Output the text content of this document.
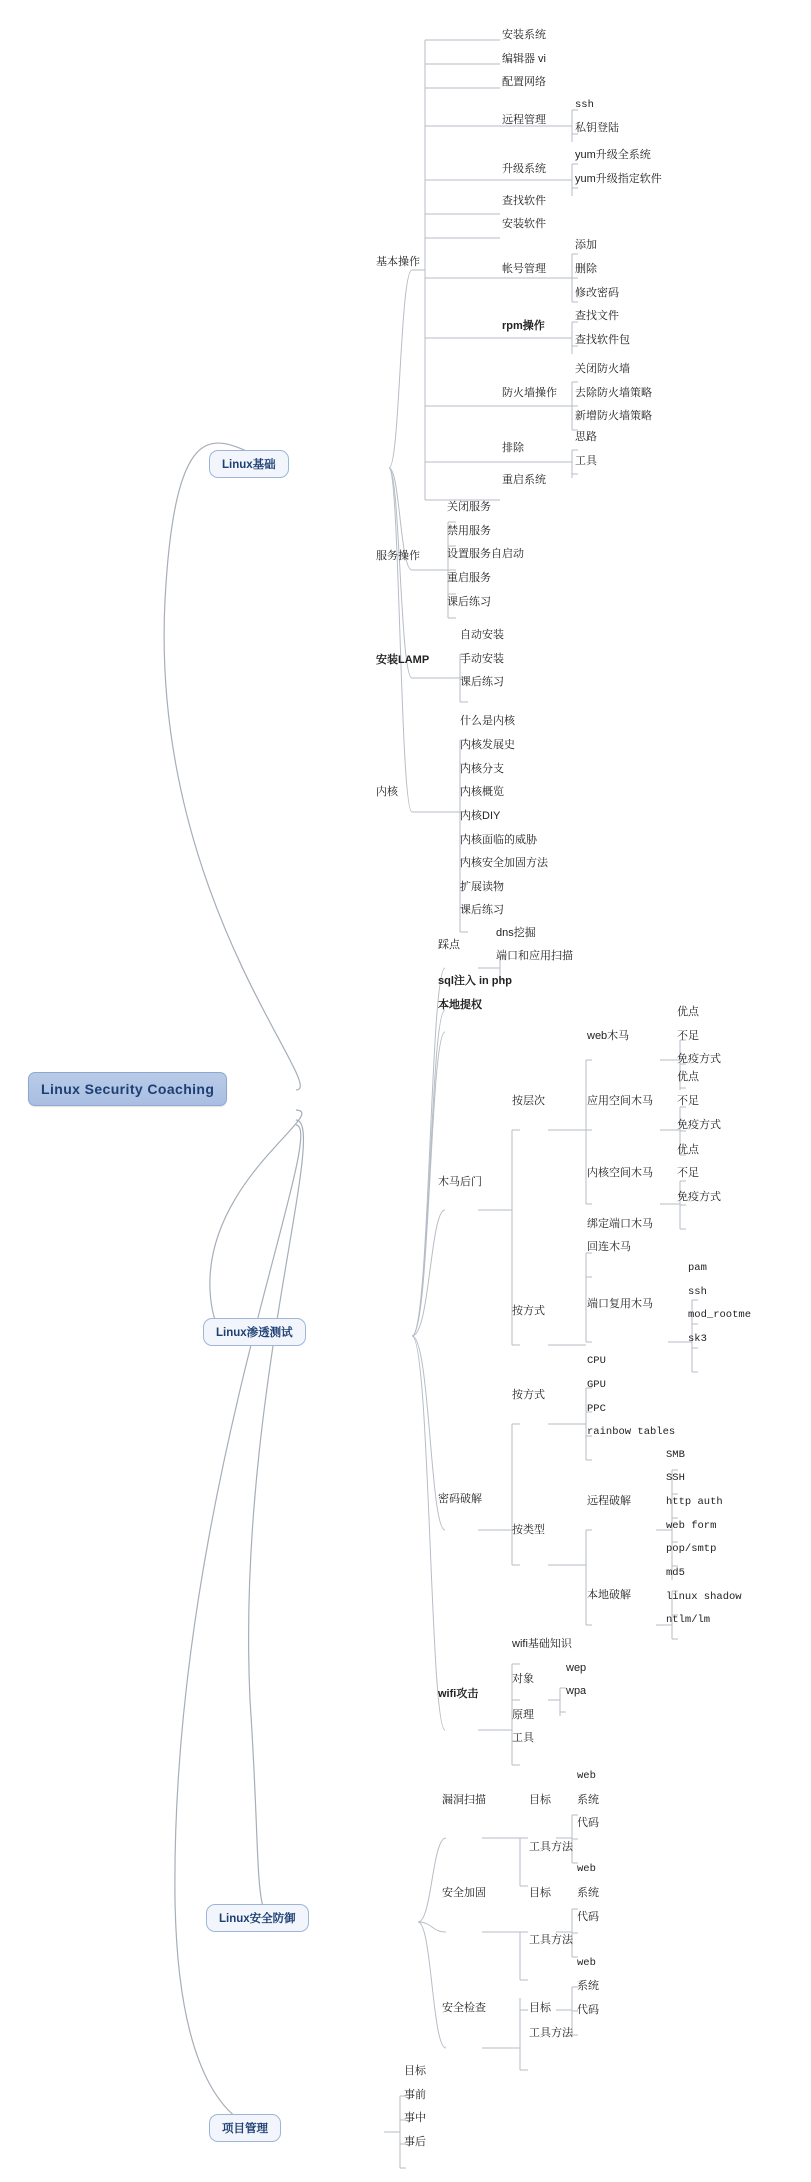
Linux Security Coaching
Linux基础
Linux渗透测试
Linux安全防御
项目管理
基本操作
安装系统
编辑器 vi
配置网络
远程管理
ssh
私钥登陆
升级系统
yum升级全系统
yum升级指定软件
查找软件
安装软件
帐号管理
添加
删除
修改密码
rpm操作
查找文件
查找软件包
防火墙操作
关闭防火墙
去除防火墙策略
新增防火墙策略
排除
思路
工具
重启系统
服务操作
关闭服务
禁用服务
设置服务自启动
重启服务
课后练习
安装LAMP
自动安装
手动安装
课后练习
内核
什么是内核
内核发展史
内核分支
内核概览
内核DIY
内核面临的威胁
内核安全加固方法
扩展读物
课后练习
踩点
dns挖掘
端口和应用扫描
sql注入 in php
本地提权
木马后门
按层次
web木马
优点
不足
免疫方式
应用空间木马
优点
不足
免疫方式
内核空间木马
优点
不足
免疫方式
按方式
绑定端口木马
回连木马
端口复用木马
pam
ssh
mod_rootme
sk3
密码破解
按方式
CPU
GPU
PPC
rainbow tables
按类型
远程破解
SMB
SSH
http auth
web form
pop/smtp
本地破解
md5
linux shadow
ntlm/lm
wifi攻击
wifi基础知识
对象
wep
wpa
原理
工具
漏洞扫描	目标
web
系统
代码
工具方法
安全加固	目标
web
系统
代码
工具方法
安全检查	目标
web
系统
代码
工具方法
目标
事前
事中
事后
